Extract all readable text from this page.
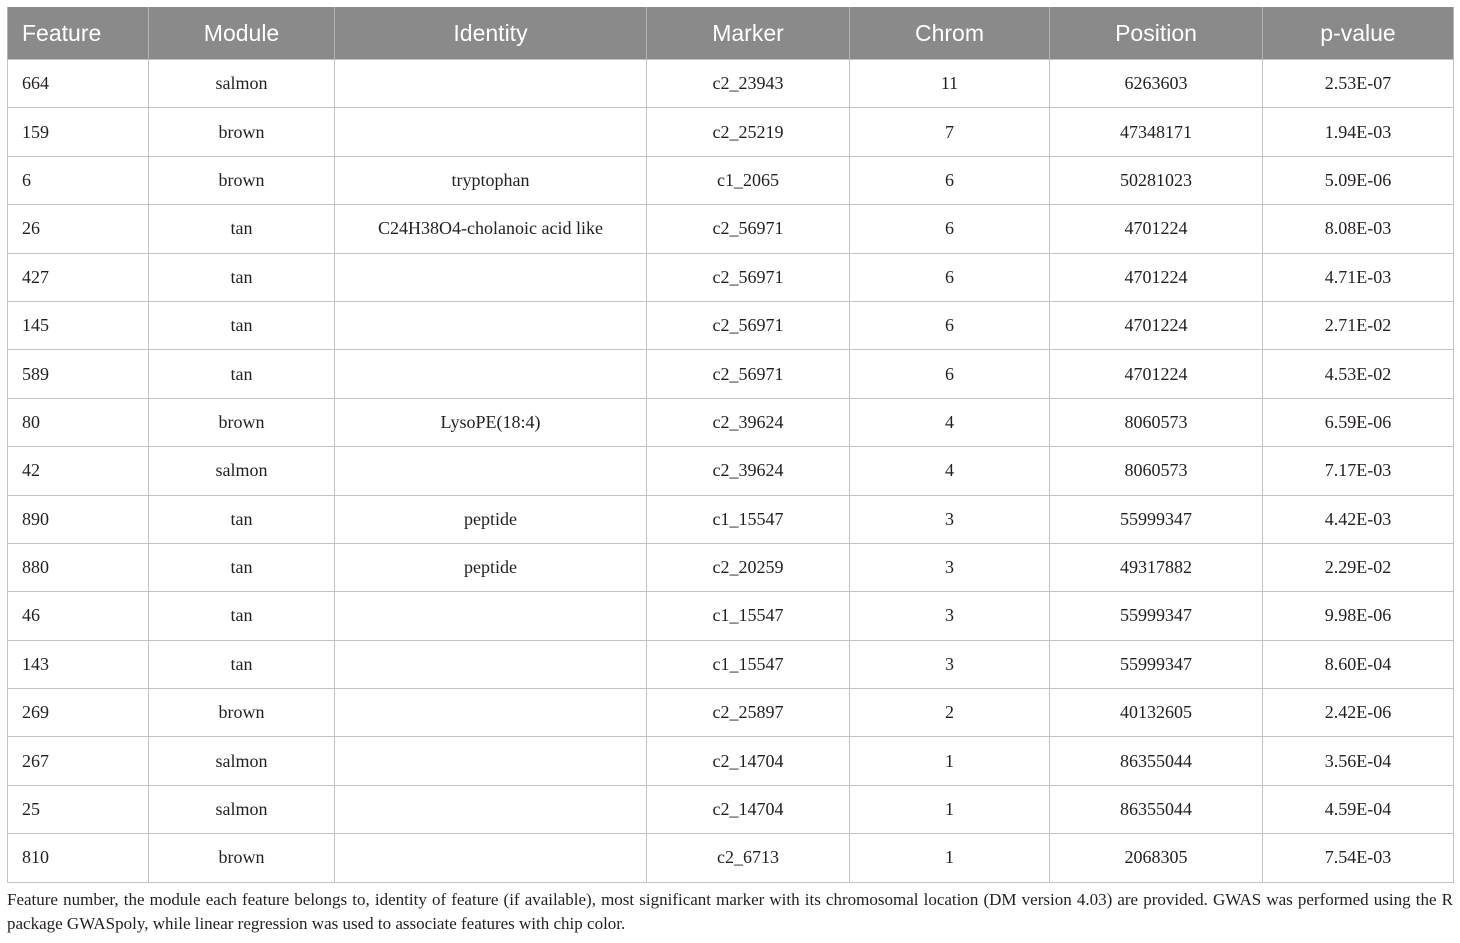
Feature	Module	Identity	Marker	Chrom	Position	p-value
664	salmon		c2_23943	11	6263603	2.53E-07
159	brown		c2_25219	7	47348171	1.94E-03
6	brown	tryptophan	c1_2065	6	50281023	5.09E-06
26	tan	C24H38O4-cholanoic acid like	c2_56971	6	4701224	8.08E-03
427	tan		c2_56971	6	4701224	4.71E-03
145	tan		c2_56971	6	4701224	2.71E-02
589	tan		c2_56971	6	4701224	4.53E-02
80	brown	LysoPE(18:4)	c2_39624	4	8060573	6.59E-06
42	salmon		c2_39624	4	8060573	7.17E-03
890	tan	peptide	c1_15547	3	55999347	4.42E-03
880	tan	peptide	c2_20259	3	49317882	2.29E-02
46	tan		c1_15547	3	55999347	9.98E-06
143	tan		c1_15547	3	55999347	8.60E-04
269	brown		c2_25897	2	40132605	2.42E-06
267	salmon		c2_14704	1	86355044	3.56E-04
25	salmon		c2_14704	1	86355044	4.59E-04
810	brown		c2_6713	1	2068305	7.54E-03
Feature number, the module each feature belongs to, identity of feature (if available), most significant marker with its chromosomal location (DM version 4.03) are provided. GWAS was performed using the R package GWASpoly, while linear regression was used to associate features with chip color.
